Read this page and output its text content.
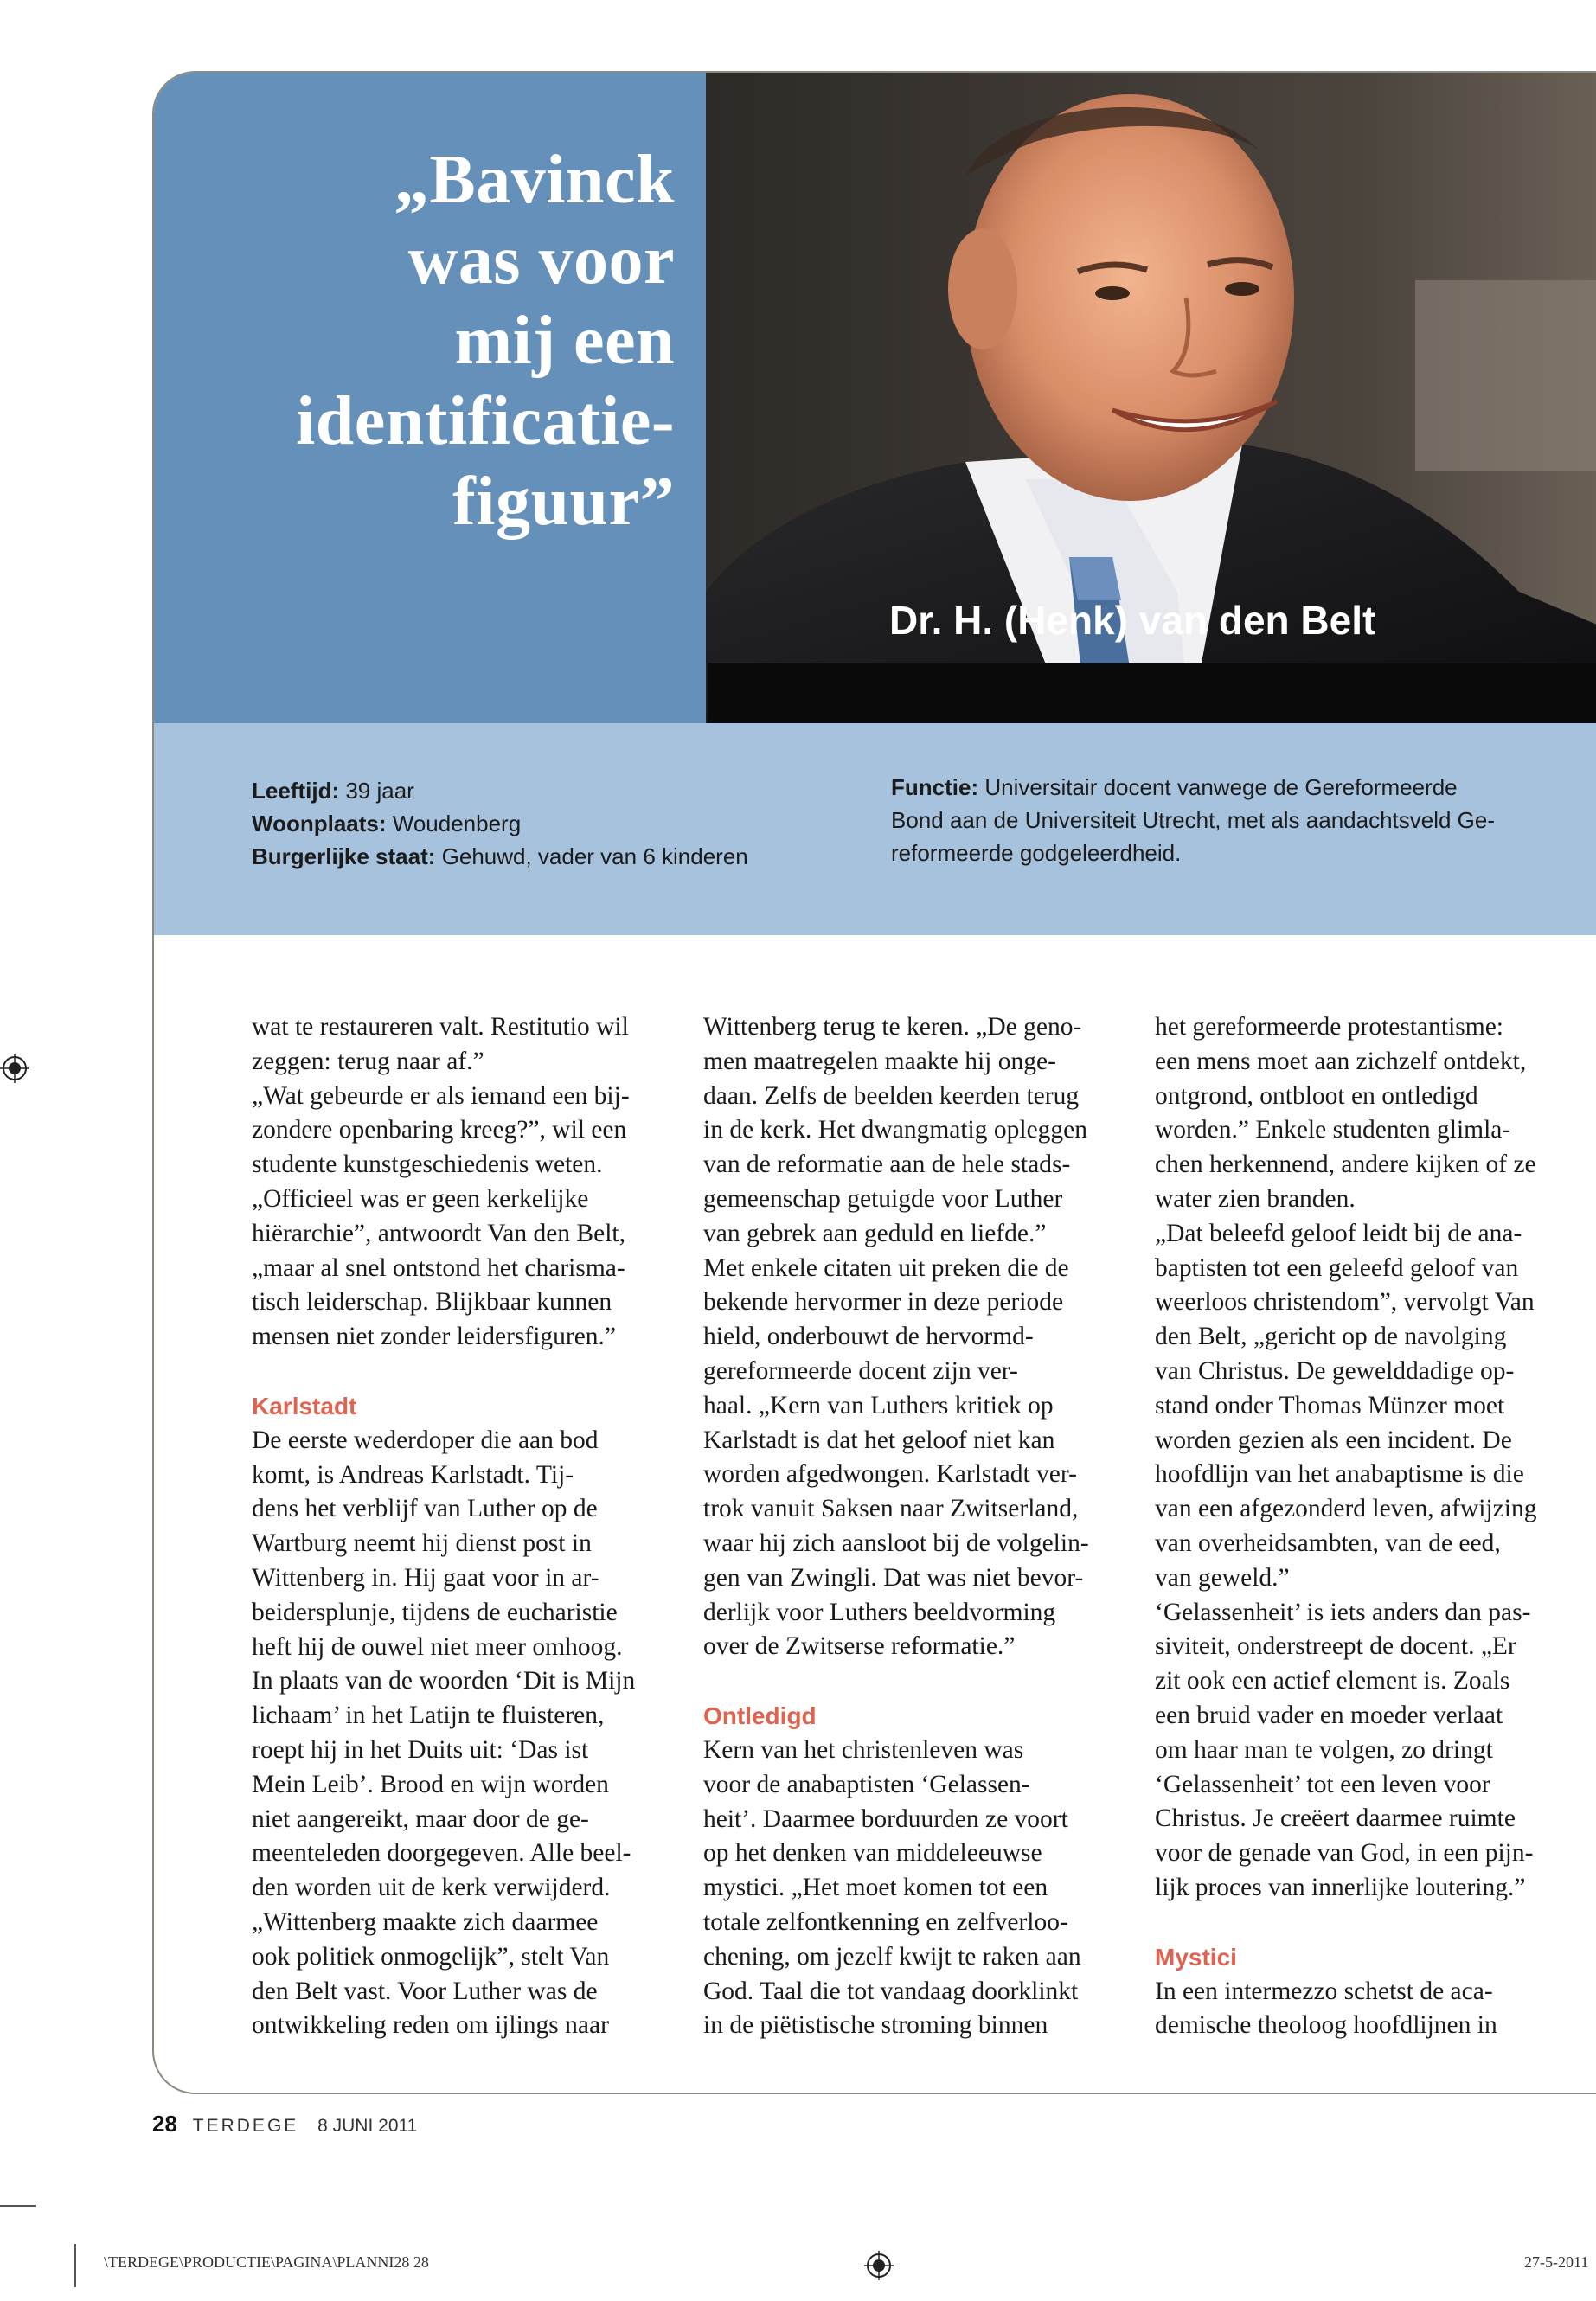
„Bavinck
was voor
mij een
identificatie-
figuur”
Dr. H. (Henk) van den Belt
Leeftijd: 39 jaar
Woonplaats: Woudenberg
Burgerlijke staat: Gehuwd, vader van 6 kinderen
Functie: Universitair docent vanwege de Gereformeerde
Bond aan de Universiteit Utrecht, met als aandachtsveld Ge-
reformeerde godgeleerdheid.

wat te restaureren valt. Restitutio wil

zeggen: terug naar af.”

„Wat gebeurde er als iemand een bij-

zondere openbaring kreeg?”, wil een

studente kunstgeschiedenis weten.

„Officieel was er geen kerkelijke

hiërarchie”, antwoordt Van den Belt,

„maar al snel ontstond het charisma-

tisch leiderschap. Blijkbaar kunnen

mensen niet zonder leidersfiguren.”

Karlstadt

De eerste wederdoper die aan bod

komt, is Andreas Karlstadt. Tij-

dens het verblijf van Luther op de

Wartburg neemt hij dienst post in

Wittenberg in. Hij gaat voor in ar-

beidersplunje, tijdens de eucharistie

heft hij de ouwel niet meer omhoog.

In plaats van de woorden ‘Dit is Mijn

lichaam’ in het Latijn te fluisteren,

roept hij in het Duits uit: ‘Das ist

Mein Leib’. Brood en wijn worden

niet aangereikt, maar door de ge-

meenteleden doorgegeven. Alle beel-

den worden uit de kerk verwijderd.

„Wittenberg maakte zich daarmee

ook politiek onmogelijk”, stelt Van

den Belt vast. Voor Luther was de

ontwikkeling reden om ijlings naar

Wittenberg terug te keren. „De geno-

men maatregelen maakte hij onge-

daan. Zelfs de beelden keerden terug

in de kerk. Het dwangmatig opleggen

van de reformatie aan de hele stads-

gemeenschap getuigde voor Luther

van gebrek aan geduld en liefde.”

Met enkele citaten uit preken die de

bekende hervormer in deze periode

hield, onderbouwt de hervormd-

gereformeerde docent zijn ver-

haal. „Kern van Luthers kritiek op

Karlstadt is dat het geloof niet kan

worden afgedwongen. Karlstadt ver-

trok vanuit Saksen naar Zwitserland,

waar hij zich aansloot bij de volgelin-

gen van Zwingli. Dat was niet bevor-

derlijk voor Luthers beeldvorming

over de Zwitserse reformatie.”

Ontledigd

Kern van het christenleven was

voor de anabaptisten ‘Gelassen-

heit’. Daarmee borduurden ze voort

op het denken van middeleeuwse

mystici. „Het moet komen tot een

totale zelfontkenning en zelfverloo-

chening, om jezelf kwijt te raken aan

God. Taal die tot vandaag doorklinkt

in de piëtistische stroming binnen

het gereformeerde protestantisme:

een mens moet aan zichzelf ontdekt,

ontgrond, ontbloot en ontledigd

worden.” Enkele studenten glimla-

chen herkennend, andere kijken of ze

water zien branden.

„Dat beleefd geloof leidt bij de ana-

baptisten tot een geleefd geloof van

weerloos christendom”, vervolgt Van

den Belt, „gericht op de navolging

van Christus. De gewelddadige op-

stand onder Thomas Münzer moet

worden gezien als een incident. De

hoofdlijn van het anabaptisme is die

van een afgezonderd leven, afwijzing

van overheidsambten, van de eed,

van geweld.”

‘Gelassenheit’ is iets anders dan pas-

siviteit, onderstreept de docent. „Er

zit ook een actief element is. Zoals

een bruid vader en moeder verlaat

om haar man te volgen, zo dringt

‘Gelassenheit’ tot een leven voor

Christus. Je creëert daarmee ruimte

voor de genade van God, in een pijn-

lijk proces van innerlijke loutering.”

Mystici

In een intermezzo schetst de aca-

demische theoloog hoofdlijnen in

28 TERDEGE 8 JUNI 2011
\TERDEGE\PRODUCTIE\PAGINA\PLANNI28 28	27-5-2011
